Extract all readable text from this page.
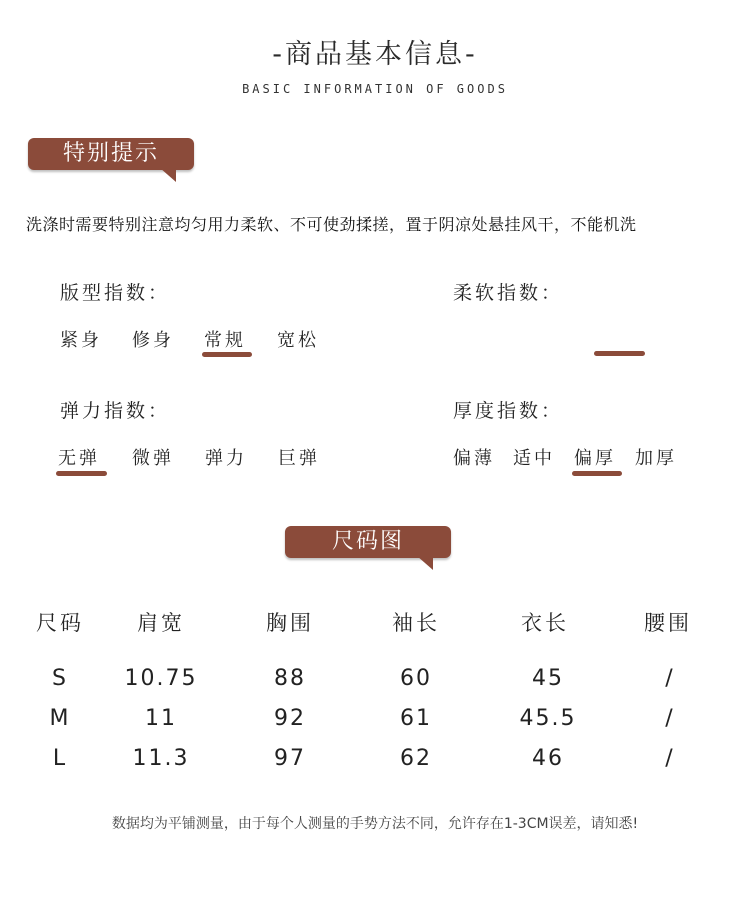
-商品基本信息-
BASIC INFORMATION OF GOODS
特别提示
洗涤时需要特别注意均匀用力柔软、不可使劲揉搓，置于阴凉处悬挂风干，不能机洗
版型指数：
紧身 修身 常规 宽松
柔软指数：
弹力指数：
无弹 微弹 弹力 巨弹
厚度指数：
偏薄 适中 偏厚 加厚
尺码图
尺码	肩宽	胸围	袖长	衣长	腰围
S	10.75	88	60	45	/
M	11	92	61	45.5	/
L	11.3	97	62	46	/
数据均为平铺测量，由于每个人测量的手势方法不同，允许存在1-3CM误差，请知悉!
